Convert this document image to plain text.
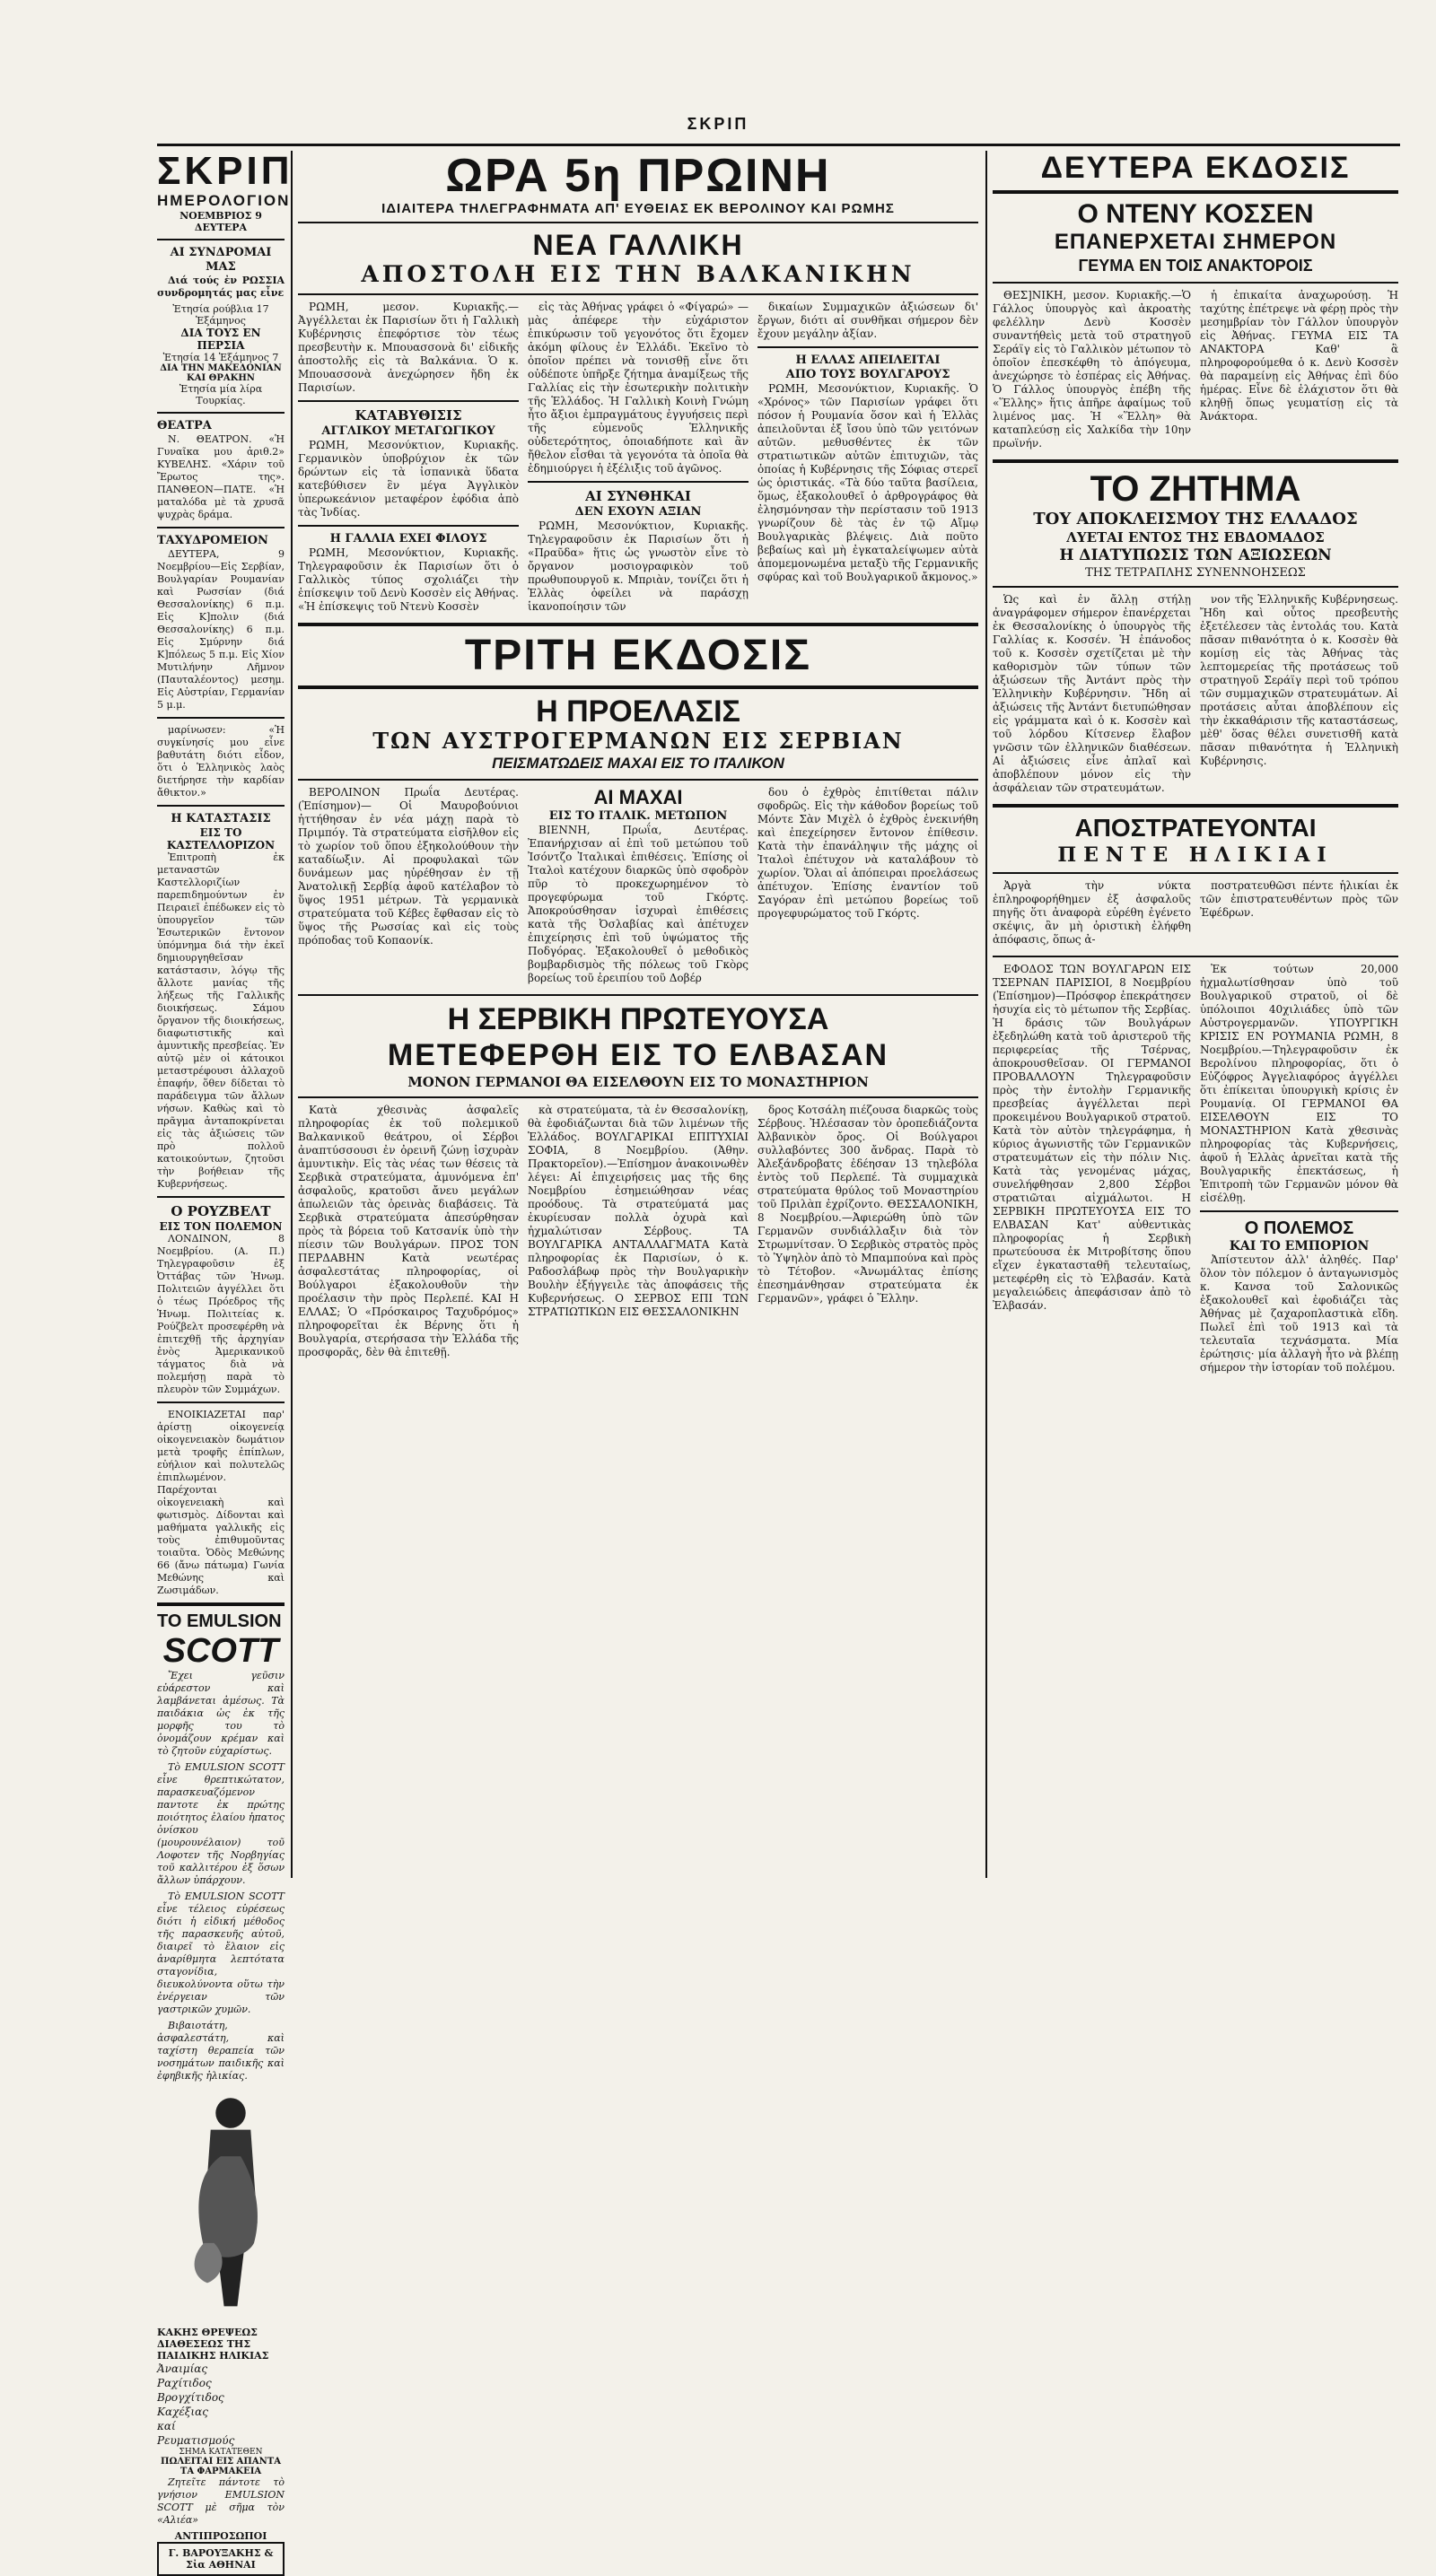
ΣΚΡΙΠ
ΣΚΡΙΠ
ΗΜΕΡΟΛΟΓΙΟΝ
ΝΟΕΜΒΡΙΟΣ 9 ΔΕΥΤΕΡΑ
ΑΙ ΣΥΝΔΡΟΜΑΙ ΜΑΣ

Διά τούς ἐν ΡΩΣΣΙΑ συνδρομητάς μας εἶνε

Ἐτησία ρούβλια 17 Ἑξάμηνος
ΔΙΑ ΤΟΥΣ ΕΝ ΠΕΡΣΙΑ
Ἐτησία 14 Ἑξάμηνος 7
ΔΙΑ ΤΗΝ ΜΑΚΕΔΟΝΙΑΝ ΚΑΙ ΘΡΑΚΗΝ
Ἐτησία μία λίρα Τουρκίας.
ΘΕΑΤΡΑ

Ν. ΘΕΑΤΡΟΝ. «Ἡ Γυναῖκα μου ἀριθ.2» ΚΥΒΕΛΗΣ. «Χάριν τοῦ Ἔρωτος της». ΠΑΝΘΕΟΝ—ΠΑΤΕ. «Ἡ ματαλόδα μὲ τὰ χρυσᾶ ψυχρὰς δράμα.

ΤΑΧΥΔΡΟΜΕΙΟΝ

ΔΕΥΤΕΡΑ, 9 Νοεμβρίου—Εἰς Σερβίαν, Βουλγαρίαν Ρουμανίαν καὶ Ρωσσίαν (διά Θεσσαλονίκης) 6 π.μ. Εἰς Κ]πολιν (διά Θεσσαλονίκης) 6 π.μ. Εἰς Σμύρνην διά Κ]πόλεως 5 π.μ. Εἰς Χίον Μυτιλήνην Λῆμνον (Παυταλέοντος) μεσημ. Εἰς Αὐστρίαν, Γερμανίαν 5 μ.μ.

μαρίνωσεν: «Ἡ συγκίνησίς μου εἶνε βαθυτάτη διότι εἶδον, ὅτι ὁ Ἑλληνικὸς λαὸς διετήρησε τὴν καρδίαν ἄθικτον.»

Η ΚΑΤΑΣΤΑΣΙΣ
ΕΙΣ ΤΟ ΚΑΣΤΕΛΛΟΡΙΖΟΝ

Ἐπιτροπὴ ἐκ μεταναστῶν Καστελλοριζίων παρεπιδημούντων ἐν Πειραιεῖ ἐπέδωκεν εἰς τὸ ὑπουργεῖον τῶν Ἐσωτερικῶν ἔντονον ὑπόμνημα διά τὴν ἐκεῖ δημιουργηθεῖσαν κατάστασιν, λόγῳ τῆς ἄλλοτε μανίας τῆς λήξεως τῆς Γαλλικῆς διοικήσεως. Σάμου ὄργανον τῆς διοικήσεως, διαφωτιστικῆς καὶ ἀμυντικῆς πρεσβείας. Ἐν αὐτῷ μὲν οἱ κάτοικοι μεταστρέφουσι ἀλλαχοῦ ἐπαφήν, ὅθεν δίδεται τὸ παράδειγμα τῶν ἄλλων νήσων. Καθὼς καὶ τὸ πρᾶγμα ἀνταποκρίνεται εἰς τὰς ἀξιώσεις τῶν πρὸ πολλοῦ κατοικούντων, ζητοῦσι τὴν βοήθειαν τῆς Κυβερνήσεως.

Ο ΡΟΥΖΒΕΛΤ
ΕΙΣ ΤΟΝ ΠΟΛΕΜΟΝ

ΛΟΝΔΙΝΟΝ, 8 Νοεμβρίου. (Α. Π.) Τηλεγραφοῦσιν ἐξ Ὀττάβας τῶν Ἡνωμ. Πολιτειῶν ἀγγέλλει ὅτι ὁ τέως Πρόεδρος τῆς Ἡνωμ. Πολιτείας κ. Ρούζβελτ προσεφέρθη νὰ ἐπιτεχθῇ τῆς ἀρχηγίαν ἐνὸς Ἀμερικανικοῦ τάγματος διὰ νὰ πολεμήσῃ παρὰ τὸ πλευρὸν τῶν Συμμάχων.

ΕΝΟΙΚΙΑΖΕΤΑΙ παρ' ἀρίστῃ οἰκογενείᾳ οἰκογενειακὸν δωμάτιον μετὰ τροφῆς ἐπίπλων, εὐήλιον καὶ πολυτελῶς ἐπιπλωμένον. Παρέχονται οἰκογενειακὴ καὶ φωτισμὸς. Δίδονται καὶ μαθήματα γαλλικῆς εἰς τοὺς ἐπιθυμοῦντας τοιαῦτα. Ὁδὸς Μεθώνης 66 (ἄνω πάτωμα) Γωνία Μεθώνης καὶ Ζωσιμάδων.

ΤΟ EMULSION
SCOTT

Ἔχει γεῦσιν εὐάρεστον καὶ λαμβάνεται ἀμέσως. Τὰ παιδάκια ὡς ἐκ τῆς μορφῆς του τὸ ὀνομάζουν κρέμαν καὶ τὸ ζητοῦν εὐχαρίστως.

Τὸ EMULSION SCOTT εἶνε θρεπτικώτατον, παρασκευαζόμενον παντοτε ἐκ πρώτης ποιότητος ἐλαίου ἡπατος ὀνίσκου (μουρουνέλαιον) τοῦ Λοφοτεν τῆς Νορβηγίας τοῦ καλλιτέρου ἐξ ὅσων ἄλλων ὑπάρχουν.

Τὸ EMULSION SCOTT εἶνε τέλειος εὑρέσεως διότι ἡ εἰδική μέθοδος τῆς παρασκευῆς αὐτοῦ, διαιρεῖ τὸ ἔλαιον εἰς ἀναρίθμητα λεπτότατα σταγονίδια, διευκολύνοντα οὕτω τὴν ἐνέργειαν τῶν γαστρικῶν χυμῶν.

Βιβαιοτάτη, ἀσφαλεστάτη, καὶ ταχίστη θεραπεία τῶν νοσημάτων παιδικῆς καὶ ἐφηβικῆς ἡλικίας.

ΚΑΚΗΣ ΘΡΕΨΕΩΣ ΔΙΑΘΕΣΕΩΣ ΤΗΣ ΠΑΙΔΙΚΗΣ ΗΛΙΚΙΑΣ
Ἀναιμίας
Ραχίτιδος
Βρογχίτιδος
Καχέξιας
καί
Ρευματισμούς
ΣΗΜΑ ΚΑΤΑΤΕΘΕΝ
ΠΩΛΕΙΤΑΙ ΕΙΣ ΑΠΑΝΤΑ ΤΑ ΦΑΡΜΑΚΕΙΑ

Ζητεῖτε πάντοτε τὸ γνήσιον EMULSION SCOTT μὲ σῆμα τὸν «Αλιέα»

ΑΝΤΙΠΡΟΣΩΠΟΙ
Γ. ΒΑΡΟΥΞΑΚΗΣ & Σἰα ΑΘΗΝΑΙ
ΩΡΑ 5η ΠΡΩΙΝΗ
ΙΔΙΑΙΤΕΡΑ ΤΗΛΕΓΡΑΦΗΜΑΤΑ ΑΠ' ΕΥΘΕΙΑΣ ΕΚ ΒΕΡΟΛΙΝΟΥ ΚΑΙ ΡΩΜΗΣ
ΝΕΑ ΓΑΛΛΙΚΗ
ΑΠΟΣΤΟΛΗ ΕΙΣ ΤΗΝ ΒΑΛΚΑΝΙΚΗΝ

ΡΩΜΗ, μεσον. Κυριακῆς.—Ἀγγέλλεται ἐκ Παρισίων ὅτι ἡ Γαλλικὴ Κυβέρνησις ἐπεφόρτισε τὸν τέως πρεσβευτὴν κ. Μπουασσονὰ δι' εἰδικῆς ἀποστολῆς εἰς τὰ Βαλκάνια. Ὁ κ. Μπουασσονὰ ἀνεχώρησεν ἤδη ἐκ Παρισίων.

ΚΑΤΑΒΥΘΙΣΙΣ
ΑΓΓΛΙΚΟΥ ΜΕΤΑΓΩΓΙΚΟΥ

ΡΩΜΗ, Μεσονύκτιον, Κυριακῆς. Γερμανικὸν ὑποβρύχιον ἐκ τῶν δρώντων εἰς τὰ ἰσπανικὰ ὕδατα κατεβύθισεν ἓν μέγα Ἀγγλικὸν ὑπερωκεάνιον μεταφέρον ἐφόδια ἀπὸ τὰς Ἰνδίας.

Η ΓΑΛΛΙΑ ΕΧΕΙ ΦΙΛΟΥΣ

ΡΩΜΗ, Μεσονύκτιον, Κυριακῆς. Τηλεγραφοῦσιν ἐκ Παρισίων ὅτι ὁ Γαλλικὸς τύπος σχολιάζει τὴν ἐπίσκεψιν τοῦ Δενὺ Κοσσὲν εἰς Ἀθήνας. «Ἡ ἐπίσκεψις τοῦ Ντενὺ Κοσσὲν

εἰς τὰς Ἀθήνας γράφει ὁ «Φίγαρώ» —μὰς ἀπέφερε τὴν εὐχάριστον ἐπικύρωσιν τοῦ γεγονότος ὅτι ἔχομεν ἀκόμη φίλους ἐν Ἑλλάδι. Ἐκεῖνο τὸ ὁποῖον πρέπει νὰ τονισθῇ εἶνε ὅτι οὐδέποτε ὑπῆρξε ζήτημα ἀναμίξεως τῆς Γαλλίας εἰς τὴν ἐσωτερικὴν πολιτικὴν τῆς Ἑλλάδος. Ἡ Γαλλικὴ Κοινὴ Γνώμη ἦτο ἄξιοι ἐμπραγμάτους ἐγγυήσεις περὶ τῆς εὐμενοῦς Ἑλληνικῆς οὐδετερότητος, ὁποιαδήποτε καὶ ἂν ἤθελον εἶσθαι τὰ γεγονότα τὰ ὁποῖα θὰ ἐδημιούργει ἡ ἐξέλιξις τοῦ ἀγῶνος.

ΑΙ ΣΥΝΘΗΚΑΙ
ΔΕΝ ΕΧΟΥΝ ΑΞΙΑΝ

ΡΩΜΗ, Μεσονύκτιον, Κυριακῆς. Τηλεγραφοῦσιν ἐκ Παρισίων ὅτι ἡ «Πραῦδα» ἥτις ὡς γνωστὸν εἶνε τὸ ὄργανον μοσιογραφικὸν τοῦ πρωθυπουργοῦ κ. Μπριὰν, τονίζει ὅτι ἡ Ἑλλὰς ὀφείλει νὰ παράσχῃ ἱκανοποίησιν τῶν

δικαίων Συμμαχικῶν ἀξιώσεων δι' ἔργων, διότι αἱ συνθῆκαι σήμερον δὲν ἔχουν μεγάλην ἀξίαν.

Η ΕΛΛΑΣ ΑΠΕΙΛΕΙΤΑΙ
ΑΠΟ ΤΟΥΣ ΒΟΥΛΓΑΡΟΥΣ

ΡΩΜΗ, Μεσονύκτιον, Κυριακῆς. Ὁ «Χρόνος» τῶν Παρισίων γράφει ὅτι πόσον ἡ Ρουμανία ὅσον καὶ ἡ Ἑλλὰς ἀπειλοῦνται ἐξ ἴσου ὑπὸ τῶν γειτόνων αὐτῶν. μεθυσθέντες ἐκ τῶν στρατιωτικῶν αὐτῶν ἐπιτυχιῶν, τὰς ὁποίας ἡ Κυβέρνησις τῆς Σόφιας στερεῖ ὡς ὁριστικάς. «Τὰ δύο ταῦτα βασίλεια, ὅμως, ἐξακολουθεῖ ὁ ἀρθρογράφος θὰ ἐλησμόνησαν τὴν περίστασιν τοῦ 1913 γνωρίζουν δὲ τὰς ἐν τῷ Αἵμῳ Βουλγαρικὰς βλέψεις. Διὰ ποῦτο βεβαίως καὶ μὴ ἐγκαταλείψωμεν αὐτὰ ἀπομεμονωμένα μεταξὺ τῆς Γερμανικῆς σφύρας καὶ τοῦ Βουλγαρικοῦ ἄκμονος.»

ΤΡΙΤΗ ΕΚΔΟΣΙΣ
Η ΠΡΟΕΛΑΣΙΣ
ΤΩΝ ΑΥΣΤΡΟΓΕΡΜΑΝΩΝ ΕΙΣ ΣΕΡΒΙΑΝ
ΠΕΙΣΜΑΤΩΔΕΙΣ ΜΑΧΑΙ ΕΙΣ ΤΟ ΙΤΑΛΙΚΟΝ

ΒΕΡΟΛΙΝΟΝ Πρωΐα Δευτέρας. (Ἐπίσημον)— Οἱ Μαυροβούνιοι ἠττήθησαν ἐν νέα μάχῃ παρὰ τὸ Πριμπόγ. Τὰ στρατεύματα εἰσῆλθον εἰς τὸ χωρίον τοῦ ὅπου ἐξηκολούθουν τὴν καταδίωξιν. Αἱ προφυλακαὶ τῶν δυνάμεων μας ηὑρέθησαν ἐν τῇ Ἀνατολικῇ Σερβίᾳ ἀφοῦ κατέλαβον τὸ ὕψος 1951 μέτρων. Τὰ γερμανικὰ στρατεύματα τοῦ Κέβες ἔφθασαν εἰς τὸ ὕψος τῆς Ρωσσίας καὶ εἰς τοὺς πρόποδας τοῦ Κοπαονίκ.

ΑΙ ΜΑΧΑΙ
ΕΙΣ ΤΟ ΙΤΑΛΙΚ. ΜΕΤΩΠΟΝ

ΒΙΕΝΝΗ, Πρωΐα, Δευτέρας. Ἐπανήρχισαν αἱ ἐπὶ τοῦ μετώπου τοῦ Ἰσόντζο Ἰταλικαὶ ἐπιθέσεις. Ἐπίσης οἱ Ἰταλοὶ κατέχουν διαρκῶς ὑπὸ σφοδρὸν πῦρ τὸ προκεχωρημένον τὸ προγεφύρωμα τοῦ Γκόρτς. Ἀποκρούσθησαν ἰσχυραὶ ἐπιθέσεις κατὰ τῆς Ὀσλαβίας καὶ ἀπέτυχεν ἐπιχείρησις ἐπὶ τοῦ ὑψώματος τῆς Ποδγόρας. Ἐξακολουθεῖ ὁ μεθοδικὸς βομβαρδισμὸς τῆς πόλεως τοῦ Γκὸρς βορείως τοῦ ἐρειπίου τοῦ Δοβέρ

δου ὁ ἐχθρὸς ἐπιτίθεται πάλιν σφοδρῶς. Εἰς τὴν κάθοδον βορείως τοῦ Μόντε Σὰν Μιχὲλ ὁ ἐχθρὸς ἐνεκινήθη καὶ ἐπεχείρησεν ἔντονον ἐπίθεσιν. Κατὰ τὴν ἐπανάληψιν τῆς μάχης οἱ Ἰταλοὶ ἐπέτυχον νὰ καταλάβουν τὸ χωρίον. Ὅλαι αἱ ἀπόπειραι προελάσεως ἀπέτυχον. Ἐπίσης ἐναντίον τοῦ Σαγόραν ἐπὶ μετώπου βορείως τοῦ προγεφυρώματος τοῦ Γκόρτς.

Η ΣΕΡΒΙΚΗ ΠΡΩΤΕΥΟΥΣΑ
ΜΕΤΕΦΕΡΘΗ ΕΙΣ ΤΟ ΕΛΒΑΣΑΝ
ΜΟΝΟΝ ΓΕΡΜΑΝΟΙ ΘΑ ΕΙΣΕΛΘΟΥΝ ΕΙΣ ΤΟ ΜΟΝΑΣΤΗΡΙΟΝ

Κατὰ χθεσινὰς ἀσφαλεῖς πληροφορίας ἐκ τοῦ πολεμικοῦ Βαλκανικοῦ θεάτρου, οἱ Σέρβοι ἀναπτύσσουσι ἐν ὀρεινῆ ζώνῃ ἰσχυρὰν ἀμυντικὴν. Εἰς τὰς νέας των θέσεις τὰ Σερβικὰ στρατεύματα, ἀμυνόμενα ἐπ' ἀσφαλοῦς, κρατοῦσι ἄνευ μεγάλων ἀπωλειῶν τὰς ὀρεινὰς διαβάσεις. Τὰ Σερβικὰ στρατεύματα ἀπεσύρθησαν πρὸς τὰ βόρεια τοῦ Κατσανίκ ὑπὸ τὴν πίεσιν τῶν Βουλγάρων. ΠΡΟΣ ΤΟΝ ΠΕΡΔΑΒΗΝ Κατὰ νεωτέρας ἀσφαλεστάτας πληροφορίας, οἱ Βούλγαροι ἐξακολουθοῦν τὴν προέλασιν τὴν πρὸς Περλεπέ. ΚΑΙ Η ΕΛΛΑΣ; Ὁ «Πρόσκαιρος Ταχυδρόμος» πληροφορεῖται ἐκ Βέρνης ὅτι ἡ Βουλγαρία, στερήσασα τὴν Ἑλλάδα τῆς προσφορᾶς, δὲν θὰ ἐπιτεθῇ.

κὰ στρατεύματα, τὰ ἐν Θεσσαλονίκῃ, θὰ ἐφοδιάζωνται διὰ τῶν λιμένων τῆς Ἑλλάδος. ΒΟΥΛΓΑΡΙΚΑΙ ΕΠΙΤΥΧΙΑΙ ΣΟΦΙΑ, 8 Νοεμβρίου. (Ἀθην. Πρακτορεῖον).—Ἐπίσημον ἀνακοινωθὲν λέγει: Αἱ ἐπιχειρήσεις μας τῆς 6ης Νοεμβρίου ἐσημειώθησαν νέας προόδους. Τὰ στρατεύματά μας ἐκυρίευσαν πολλὰ ὀχυρὰ καὶ ἠχμαλώτισαν Σέρβους. ΤΑ ΒΟΥΛΓΑΡΙΚΑ ΑΝΤΑΛΛΑΓΜΑΤΑ Κατὰ πληροφορίας ἐκ Παρισίων, ὁ κ. Ραδοσλάβωφ πρὸς τὴν Βουλγαρικὴν Βουλὴν ἐξήγγειλε τὰς ἀποφάσεις τῆς Κυβερνήσεως. Ο ΣΕΡΒΟΣ ΕΠΙ ΤΩΝ ΣΤΡΑΤΙΩΤΙΚΩΝ ΕΙΣ ΘΕΣΣΑΛΟΝΙΚΗΝ

δρος Κοτσάλη πιέζουσα διαρκῶς τοὺς Σέρβους. Ἠλέσασαν τὸν ὀροπεδιάζοντα Ἀλβανικὸν ὄρος. Οἱ Βούλγαροι συλλαβόντες 300 ἄνδρας. Παρὰ τὸ Ἀλεξάνδροβατς ἐδέησαν 13 τηλεβόλα ἐντὸς τοῦ Περλεπέ. Τὰ συμμαχικὰ στρατεύματα θρύλος τοῦ Μοναστηρίου τοῦ Πριλὰπ ἐχρίζοντο. ΘΕΣΣΑΛΟΝΙΚΗ, 8 Νοεμβρίου.—Ἀφιερώθη ὑπὸ τῶν Γερμανῶν συνδιάλλαξιν διὰ τὸν Στρωμνίτσαν. Ὁ Σερβικὸς στρατὸς πρὸς τὸ Ὑψηλὸν ἀπὸ τὸ Μπαμπούνα καὶ πρὸς τὸ Τέτοβον. «Ἀνωμάλτας ἐπίσης ἐπεσημάνθησαν στρατεύματα ἐκ Γερμανῶν», γράφει ὁ Ἕλλην.

ΔΕΥΤΕΡΑ ΕΚΔΟΣΙΣ
Ο ΝΤΕΝΥ ΚΟΣΣΕΝ
ΕΠΑΝΕΡΧΕΤΑΙ ΣΗΜΕΡΟΝ
ΓΕΥΜΑ ΕΝ ΤΟΙΣ ΑΝΑΚΤΟΡΟΙΣ

ΘΕΣ]ΝΙΚΗ, μεσον. Κυριακῆς.—Ὁ Γάλλος ὑπουργὸς καὶ ἀκροατὴς φελέλλην Δενὺ Κοσσὲν συναντήθεὶς μετὰ τοῦ στρατηγοῦ Σεράϊγ εἰς τὸ Γαλλικὸν μέτωπον τὸ ὁποῖον ἐπεσκέφθη τὸ ἀπόγευμα, ἀνεχώρησε τὸ ἑσπέρας εἰς Ἀθήνας. Ὁ Γάλλος ὑπουργὸς ἐπέβη τῆς «Ἕλλης» ἥτις ἀπῆρε ἀφαίμως τοῦ λιμένος μας. Ἡ «Ἕλλη» θὰ καταπλεύσῃ εἰς Χαλκίδα τὴν 10ην πρωϊνήν.

ἡ ἐπικαίτα ἀναχωρούσῃ. Ἡ ταχύτης ἐπέτρεψε νὰ φέρῃ πρὸς τὴν μεσημβρίαν τὸν Γάλλον ὑπουργὸν εἰς Ἀθήνας. ΓΕΥΜΑ ΕΙΣ ΤΑ ΑΝΑΚΤΟΡΑ Καθ' ἃ πληροφορούμεθα ὁ κ. Δενὺ Κοσσὲν θὰ παραμείνῃ εἰς Ἀθήνας ἐπὶ δύο ἡμέρας. Εἶνε δὲ ἐλάχιστον ὅτι θὰ κληθῇ ὅπως γευματίσῃ εἰς τὰ Ἀνάκτορα.

ΤΟ ΖΗΤΗΜΑ
ΤΟΥ ΑΠΟΚΛΕΙΣΜΟΥ ΤΗΣ ΕΛΛΑΔΟΣ
ΛΥΕΤΑΙ ΕΝΤΟΣ ΤΗΣ ΕΒΔΟΜΑΔΟΣ
Η ΔΙΑΤΥΠΩΣΙΣ ΤΩΝ ΑΞΙΩΣΕΩΝ
ΤΗΣ ΤΕΤΡΑΠΛΗΣ ΣΥΝΕΝΝΟΗΣΕΩΣ

Ὡς καὶ ἐν ἄλλῃ στήλῃ ἀναγράφομεν σήμερον ἐπανέρχεται ἐκ Θεσσαλονίκης ὁ ὑπουργὸς τῆς Γαλλίας κ. Κοσσέν. Ἡ ἐπάνοδος τοῦ κ. Κοσσὲν σχετίζεται μὲ τὴν καθορισμὸν τῶν τύπων τῶν ἀξιώσεων τῆς Ἀντάντ πρὸς τὴν Ἑλληνικὴν Κυβέρνησιν. Ἤδη αἱ ἀξιώσεις τῆς Ἀντάντ διετυπώθησαν εἰς γράμματα καὶ ὁ κ. Κοσσὲν καὶ τοῦ λόρδου Κίτσενερ ἔλαβον γνῶσιν τῶν ἐλληνικῶν διαθέσεων. Αἱ ἀξιώσεις εἶνε ἀπλαῖ καὶ ἀποβλέπουν μόνον εἰς τὴν ἀσφάλειαν τῶν στρατευμάτων.

νον τῆς Ἑλληνικῆς Κυβέρνησεως. Ἤδη καὶ οὗτος πρεσβευτὴς ἐξετέλεσεν τὰς ἐντολάς του. Κατὰ πᾶσαν πιθανότητα ὁ κ. Κοσσὲν θὰ κομίσῃ εἰς τὰς Ἀθήνας τὰς λεπτομερείας τῆς προτάσεως τοῦ στρατηγοῦ Σεράϊγ περὶ τοῦ τρόπου τῶν συμμαχικῶν στρατευμάτων. Αἱ προτάσεις αὗται ἀποβλέπουν εἰς τὴν ἐκκαθάρισιν τῆς καταστάσεως, μὲθ' ὅσας θέλει συνετισθῆ κατὰ πᾶσαν πιθανότητα ἡ Ἑλληνικὴ Κυβέρνησις.

ΑΠΟΣΤΡΑΤΕΥΟΝΤΑΙ
ΠΕΝΤΕ ΗΛΙΚΙΑΙ

Ἀργὰ τὴν νύκτα ἐπληροφορήθημεν ἐξ ἀσφαλοῦς πηγῆς ὅτι ἀναφορὰ εὑρέθη ἐγένετο σκέψις, ἂν μὴ ὁριστικὴ ἐλήφθη ἀπόφασις, ὅπως ἀ-

ποστρατευθῶσι πέντε ἡλικίαι ἐκ τῶν ἐπιστρατευθέντων πρὸς τῶν Ἐφέδρων.

ΕΦΟΔΟΣ ΤΩΝ ΒΟΥΛΓΑΡΩΝ ΕΙΣ ΤΣΕΡΝΑΝ ΠΑΡΙΣΙΟΙ, 8 Νοεμβρίου (Ἐπίσημον)—Πρόσφορ ἐπεκράτησεν ἡσυχία εἰς τὸ μέτωπον τῆς Σερβίας. Ἡ δράσις τῶν Βουλγάρων ἐξεδηλώθη κατὰ τοῦ ἀριστεροῦ τῆς περιφερείας τῆς Τσέρνας, ἀποκρουσθεῖσαν. ΟΙ ΓΕΡΜΑΝΟΙ ΠΡΟΒΑΛΛΟΥΝ Τηλεγραφοῦσιν πρὸς τὴν ἐντολὴν Γερμανικῆς πρεσβείας ἀγγέλλεται περὶ προκειμένου Βουλγαρικοῦ στρατοῦ. Κατὰ τὸν αὐτὸν τηλεγράφημα, ἡ κύριος ἀγωνιστῆς τῶν Γερμανικῶν στρατευμάτων εἰς τὴν πόλιν Νις. Κατὰ τὰς γενομένας μάχας, συνελήφθησαν 2,800 Σέρβοι στρατιῶται αἰχμάλωτοι. Η ΣΕΡΒΙΚΗ ΠΡΩΤΕΥΟΥΣΑ ΕΙΣ ΤΟ ΕΛΒΑΣΑΝ Κατ' αὐθεντικὰς πληροφορίας ἡ Σερβικὴ πρωτεύουσα ἐκ Μιτροβίτσης ὅπου εἴχεν ἐγκατασταθῆ τελευταίως, μετεφέρθη εἰς τὸ Ἐλβασάν. Κατὰ μεγαλειώδεις ἀπεφάσισαν ἀπὸ τὸ Ἐλβασάν.

Ἐκ τούτων 20,000 ἠχμαλωτίσθησαν ὑπὸ τοῦ Βουλγαρικοῦ στρατοῦ, οἱ δὲ ὑπόλοιποι 40χιλιάδες ὑπὸ τῶν Αὐστρογερμανῶν. ΥΠΟΥΡΓΙΚΗ ΚΡΙΣΙΣ ΕΝ ΡΟΥΜΑΝΙΑ ΡΩΜΗ, 8 Νοεμβρίου.—Τηλεγραφοῦσιν ἐκ Βερολίνου πληροφορίας, ὅτι ὁ Εὐζόφρος Ἀγγελιαφόρος ἀγγέλλει ὅτι ἐπίκειται ὑπουργικὴ κρίσις ἐν Ρουμανίᾳ. ΟΙ ΓΕΡΜΑΝΟΙ ΘΑ ΕΙΣΕΛΘΟΥΝ ΕΙΣ ΤΟ ΜΟΝΑΣΤΗΡΙΟΝ Κατὰ χθεσινὰς πληροφορίας τὰς Κυβερνήσεις, ἀφοῦ ἡ Ἑλλὰς ἀρνεῖται κατὰ τῆς Βουλγαρικῆς ἐπεκτάσεως, ἡ Ἐπιτροπὴ τῶν Γερμανῶν μόνον θὰ εἰσέλθῃ.

Ο ΠΟΛΕΜΟΣ
ΚΑΙ ΤΟ ΕΜΠΟΡΙΟΝ

Ἀπίστευτον ἀλλ' ἀληθές. Παρ' ὅλον τὸν πόλεμον ὁ ἀνταγωνισμὸς κ. Κανσα τοῦ Σαλονικῶς ἐξακολουθεῖ καὶ ἐφοδιάζει τὰς Ἀθήνας μὲ ζαχαροπλαστικὰ εἴδη. Πωλεῖ ἐπὶ τοῦ 1913 καὶ τὰ τελευταῖα τεχνάσματα. Μία ἐρώτησις· μία ἀλλαγὴ ἦτο νὰ βλέπῃ σήμερον τὴν ἱστορίαν τοῦ πολέμου.
